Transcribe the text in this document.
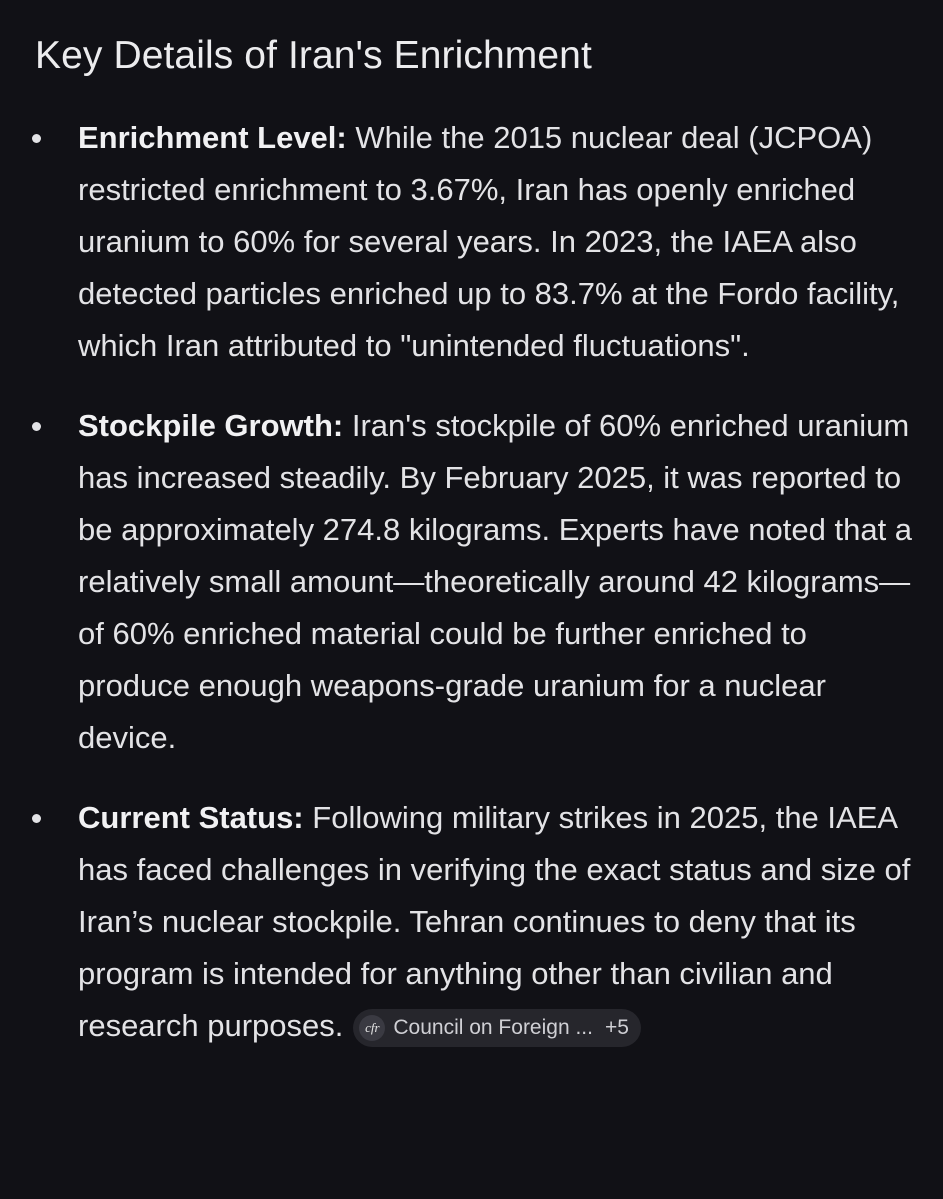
Key Details of Iran's Enrichment
Enrichment Level: While the 2015 nuclear deal (JCPOA) restricted enrichment to 3.67%, Iran has openly enriched uranium to 60% for several years. In 2023, the IAEA also detected particles enriched up to 83.7% at the Fordo facility, which Iran attributed to "unintended fluctuations".
Stockpile Growth: Iran's stockpile of 60% enriched uranium has increased steadily. By February 2025, it was reported to be approximately 274.8 kilograms. Experts have noted that a relatively small amount—theoretically around 42 kilograms—of 60% enriched material could be further enriched to produce enough weapons-grade uranium for a nuclear device.
Current Status: Following military strikes in 2025, the IAEA has faced challenges in verifying the exact status and size of Iran’s nuclear stockpile. Tehran continues to deny that its program is intended for anything other than civilian and research purposes.	cfr Council on Foreign ... +5
